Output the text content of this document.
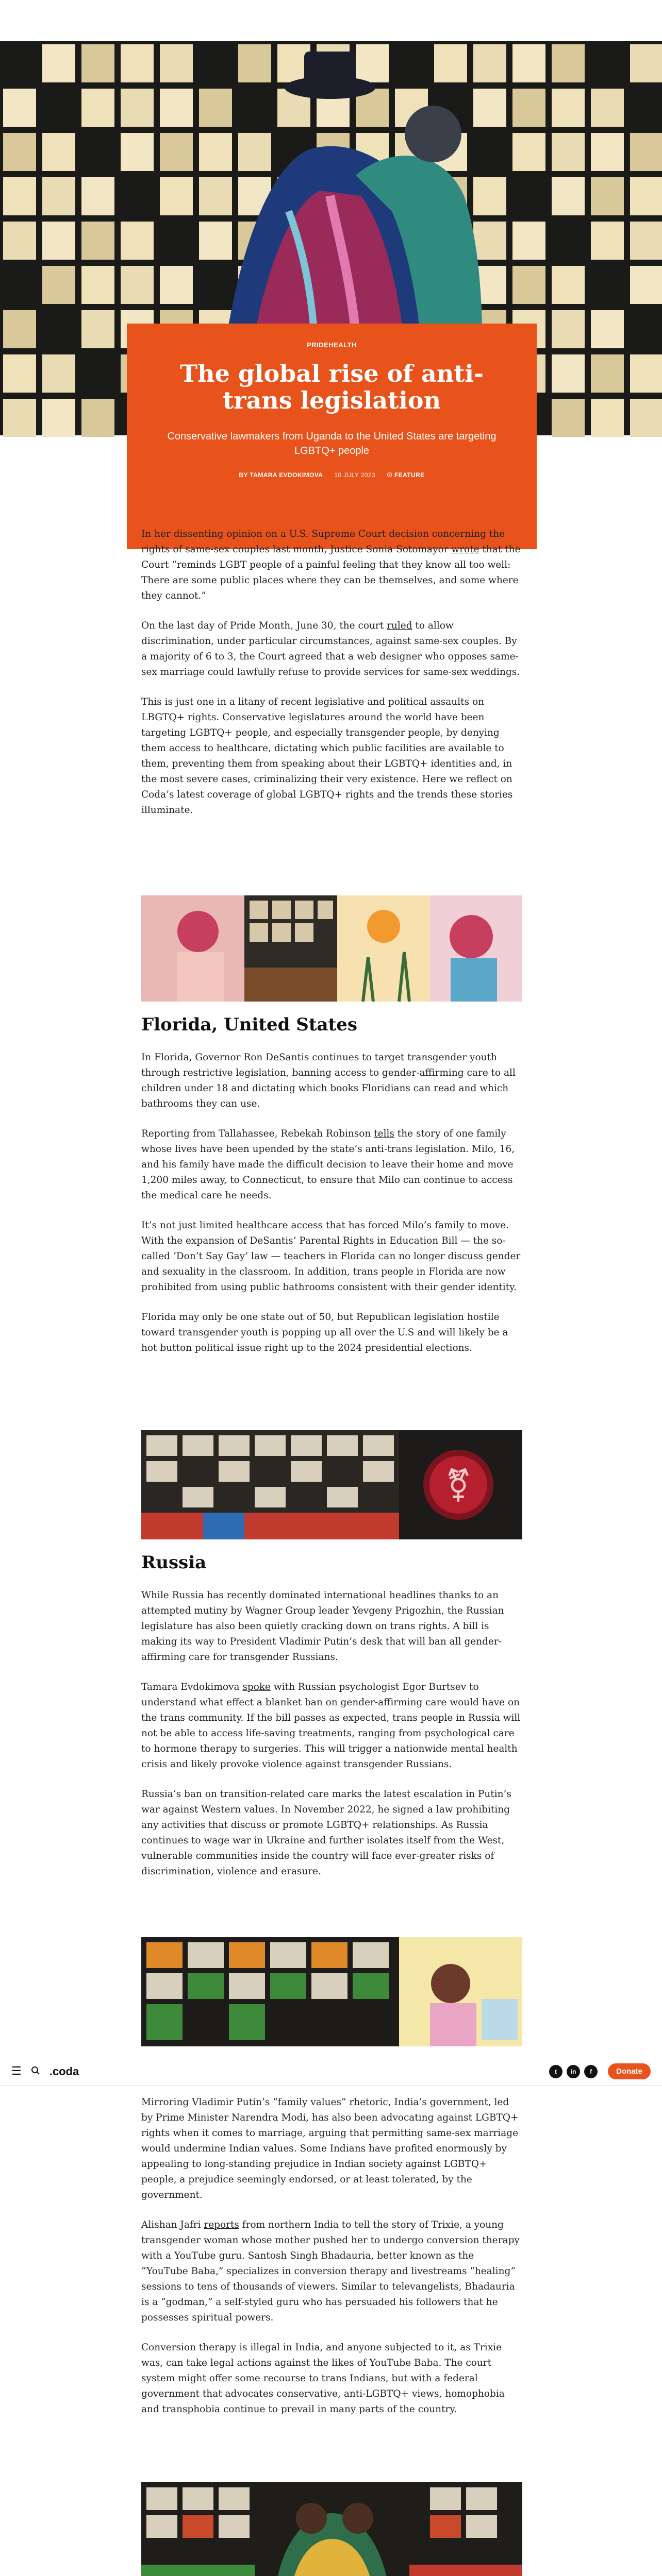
PRIDEHEALTH
The global rise of anti-trans legislation
Conservative lawmakers from Uganda to the United States are targeting LGBTQ+ people
BY TAMARA EVDOKIMOVA 10 JULY 2023 ☉ FEATURE

In her dissenting opinion on a U.S. Supreme Court decision concerning the rights of same-sex couples last month, Justice Sonia Sotomayor wrote that the Court “reminds LGBT people of a painful feeling that they know all too well: There are some public places where they can be themselves, and some where they cannot.”

On the last day of Pride Month, June 30, the court ruled to allow discrimination, under particular circumstances, against same-sex couples. By a majority of 6 to 3, the Court agreed that a web designer who opposes same-sex marriage could lawfully refuse to provide services for same-sex weddings.

This is just one in a litany of recent legislative and political assaults on LBGTQ+ rights. Conservative legislatures around the world have been targeting LGBTQ+ people, and especially transgender people, by denying them access to healthcare, dictating which public facilities are available to them, preventing them from speaking about their LGBTQ+ identities and, in the most severe cases, criminalizing their very existence. Here we reflect on Coda’s latest coverage of global LGBTQ+ rights and the trends these stories illuminate.

Florida, United States

In Florida, Governor Ron DeSantis continues to target transgender youth through restrictive legislation, banning access to gender-affirming care to all children under 18 and dictating which books Floridians can read and which bathrooms they can use.

Reporting from Tallahassee, Rebekah Robinson tells the story of one family whose lives have been upended by the state’s anti-trans legislation. Milo, 16, and his family have made the difficult decision to leave their home and move 1,200 miles away, to Connecticut, to ensure that Milo can continue to access the medical care he needs.

It’s not just limited healthcare access that has forced Milo’s family to move. With the expansion of DeSantis’ Parental Rights in Education Bill — the so-called ‘Don’t Say Gay’ law — teachers in Florida can no longer discuss gender and sexuality in the classroom. In addition, trans people in Florida are now prohibited from using public bathrooms consistent with their gender identity.

Florida may only be one state out of 50, but Republican legislation hostile toward transgender youth is popping up all over the U.S and will likely be a hot button political issue right up to the 2024 presidential elections.

⚧
Russia

While Russia has recently dominated international headlines thanks to an attempted mutiny by Wagner Group leader Yevgeny Prigozhin, the Russian legislature has also been quietly cracking down on trans rights. A bill is making its way to President Vladimir Putin’s desk that will ban all gender-affirming care for transgender Russians.

Tamara Evdokimova spoke with Russian psychologist Egor Burtsev to understand what effect a blanket ban on gender-affirming care would have on the trans community. If the bill passes as expected, trans people in Russia will not be able to access life-saving treatments, ranging from psychological care to hormone therapy to surgeries. This will trigger a nationwide mental health crisis and likely provoke violence against transgender Russians.

Russia’s ban on transition-related care marks the latest escalation in Putin’s war against Western values. In November 2022, he signed a law prohibiting any activities that discuss or promote LGBTQ+ relationships. As Russia continues to wage war in Ukraine and further isolates itself from the West, vulnerable communities inside the country will face ever-greater risks of discrimination, violence and erasure.

☰ .coda	t	in	f	Donate

Mirroring Vladimir Putin’s “family values” rhetoric, India’s government, led by Prime Minister Narendra Modi, has also been advocating against LGBTQ+ rights when it comes to marriage, arguing that permitting same-sex marriage would undermine Indian values. Some Indians have profited enormously by appealing to long-standing prejudice in Indian society against LGBTQ+ people, a prejudice seemingly endorsed, or at least tolerated, by the government.

Alishan Jafri reports from northern India to tell the story of Trixie, a young transgender woman whose mother pushed her to undergo conversion therapy with a YouTube guru. Santosh Singh Bhadauria, better known as the “YouTube Baba,” specializes in conversion therapy and livestreams “healing” sessions to tens of thousands of viewers. Similar to televangelists, Bhadauria is a “godman,” a self-styled guru who has persuaded his followers that he possesses spiritual powers.

Conversion therapy is illegal in India, and anyone subjected to it, as Trixie was, can take legal actions against the likes of YouTube Baba. The court system might offer some recourse to trans Indians, but with a federal government that advocates conservative, anti-LGBTQ+ views, homophobia and transphobia continue to prevail in many parts of the country.
